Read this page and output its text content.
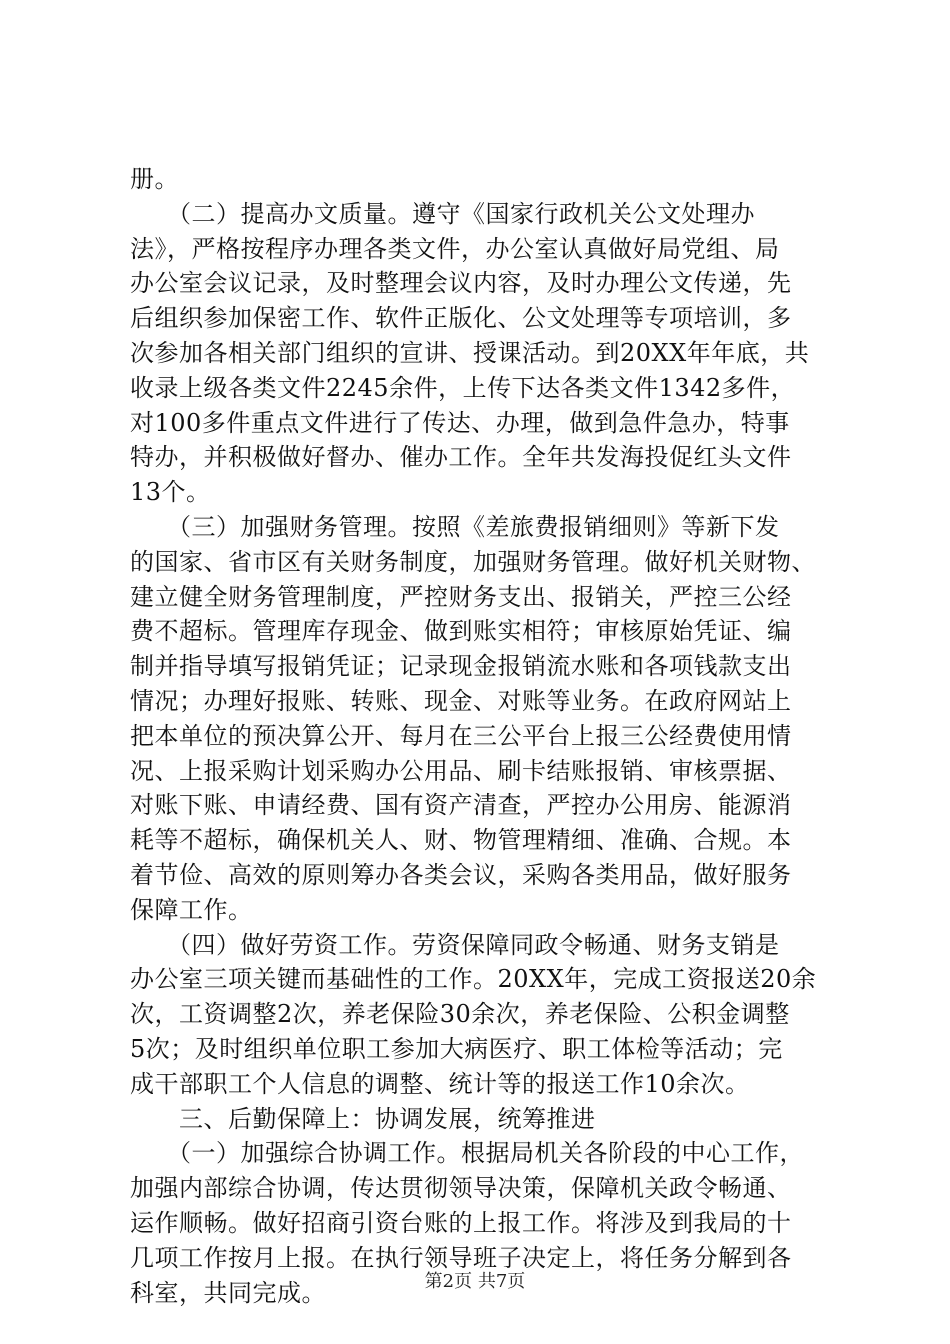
册。
　　（二）提高办文质量。遵守《国家行政机关公文处理办
法》，严格按程序办理各类文件，办公室认真做好局党组、局
办公室会议记录，及时整理会议内容，及时办理公文传递，先
后组织参加保密工作、软件正版化、公文处理等专项培训，多
次参加各相关部门组织的宣讲、授课活动。到20XX年年底，共
收录上级各类文件2245余件，上传下达各类文件1342多件，
对100多件重点文件进行了传达、办理，做到急件急办，特事
特办，并积极做好督办、催办工作。全年共发海投促红头文件
13个。
　　（三）加强财务管理。按照《差旅费报销细则》等新下发
的国家、省市区有关财务制度，加强财务管理。做好机关财物、
建立健全财务管理制度，严控财务支出、报销关，严控三公经
费不超标。管理库存现金、做到账实相符；审核原始凭证、编
制并指导填写报销凭证；记录现金报销流水账和各项钱款支出
情况；办理好报账、转账、现金、对账等业务。在政府网站上
把本单位的预决算公开、每月在三公平台上报三公经费使用情
况、上报采购计划采购办公用品、刷卡结账报销、审核票据、
对账下账、申请经费、国有资产清查，严控办公用房、能源消
耗等不超标，确保机关人、财、物管理精细、准确、合规。本
着节俭、高效的原则筹办各类会议，采购各类用品，做好服务
保障工作。
　　（四）做好劳资工作。劳资保障同政令畅通、财务支销是
办公室三项关键而基础性的工作。20XX年，完成工资报送20余
次，工资调整2次，养老保险30余次，养老保险、公积金调整
5次；及时组织单位职工参加大病医疗、职工体检等活动；完
成干部职工个人信息的调整、统计等的报送工作10余次。
　　三、后勤保障上：协调发展，统筹推进
　　（一）加强综合协调工作。根据局机关各阶段的中心工作，
加强内部综合协调，传达贯彻领导决策，保障机关政令畅通、
运作顺畅。做好招商引资台账的上报工作。将涉及到我局的十
几项工作按月上报。在执行领导班子决定上，将任务分解到各
科室，共同完成。	第2页 共7页
